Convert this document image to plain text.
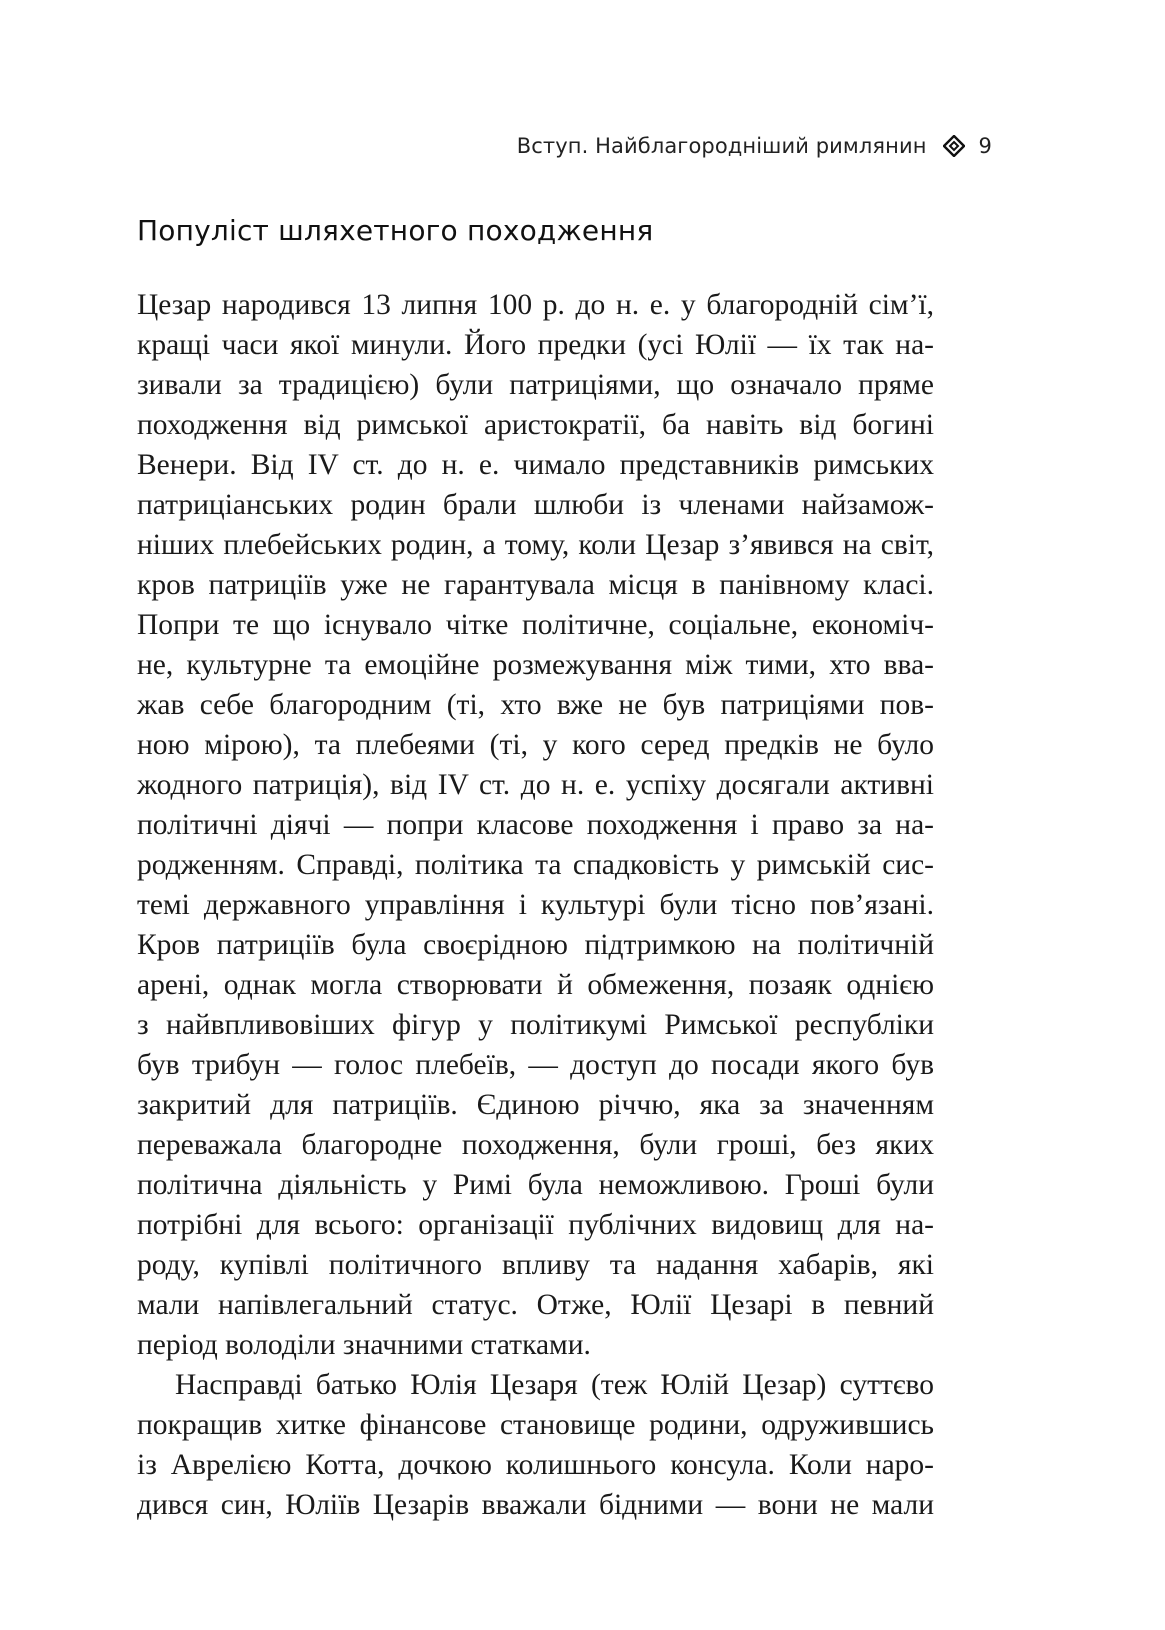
Вступ. Найблагородніший римлянин 9
Популіст шляхетного походження
Цезар народився 13 липня 100 р. до н. е. у благородній сім’ї,
кращі часи якої минули. Його предки (усі Юлії — їх так на-
зивали за традицією) були патриціями, що означало пряме
походження від римської аристократії, ба навіть від богині
Венери. Від IV ст. до н. е. чимало представників римських
патриціанських родин брали шлюби із членами найзамож-
ніших плебейських родин, а тому, коли Цезар з’явився на світ,
кров патриціїв уже не гарантувала місця в панівному класі.
Попри те що існувало чітке політичне, соціальне, економіч-
не, культурне та емоційне розмежування між тими, хто вва-
жав себе благородним (ті, хто вже не був патриціями пов-
ною мірою), та плебеями (ті, у кого серед предків не було
жодного патриція), від IV ст. до н. е. успіху досягали активні
політичні діячі — попри класове походження і право за на-
родженням. Справді, політика та спадковість у римській сис-
темі державного управління і культурі були тісно пов’язані.
Кров патриціїв була своєрідною підтримкою на політичній
арені, однак могла створювати й обмеження, позаяк однією
з найвпливовіших фігур у політикумі Римської республіки
був трибун — голос плебеїв, — доступ до посади якого був
закритий для патриціїв. Єдиною річчю, яка за значенням
переважала благородне походження, були гроші, без яких
політична діяльність у Римі була неможливою. Гроші були
потрібні для всього: організації публічних видовищ для на-
роду, купівлі політичного впливу та надання хабарів, які
мали напівлегальний статус. Отже, Юлії Цезарі в певний
період володіли значними статками.
Насправді батько Юлія Цезаря (теж Юлій Цезар) суттєво
покращив хитке фінансове становище родини, одружившись
із Аврелією Котта, дочкою колишнього консула. Коли наро-
дився син, Юліїв Цезарів вважали бідними — вони не мали
